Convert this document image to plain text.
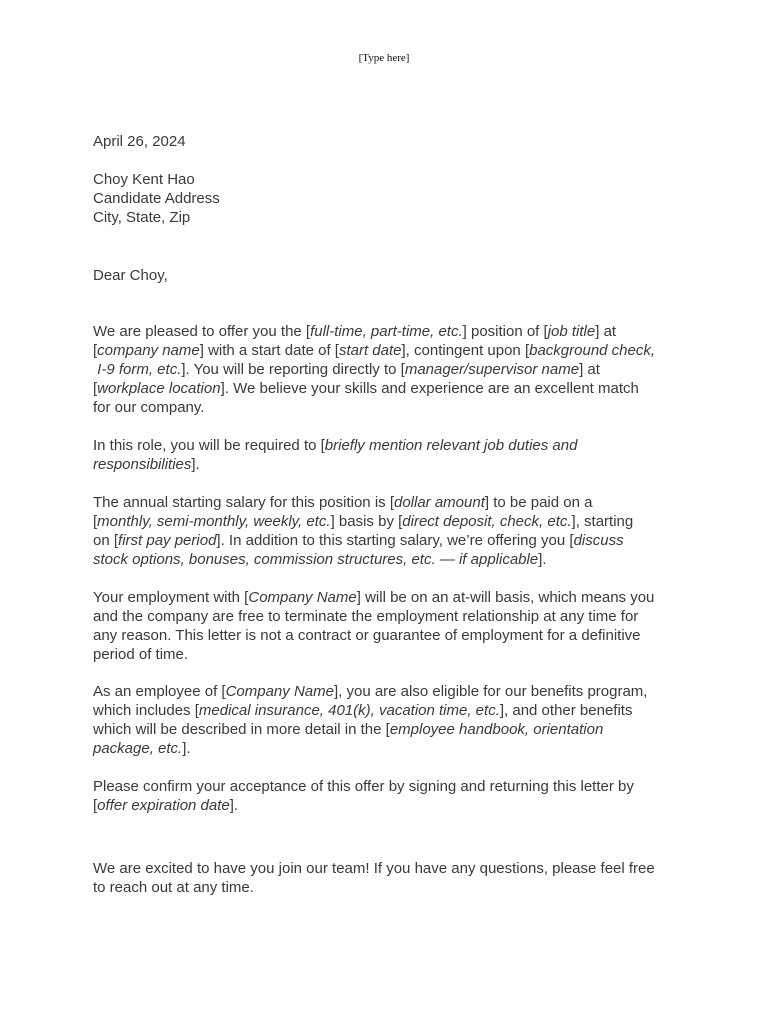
[Type here]
April 26, 2024
Choy Kent Hao
Candidate Address
City, State, Zip
Dear Choy,
We are pleased to offer you the [full-time, part-time, etc.] position of [job title] at
[company name] with a start date of [start date], contingent upon [background check,
I-9 form, etc.]. You will be reporting directly to [manager/supervisor name] at
[workplace location]. We believe your skills and experience are an excellent match
for our company.
In this role, you will be required to [briefly mention relevant job duties and
responsibilities].
The annual starting salary for this position is [dollar amount] to be paid on a
[monthly, semi-monthly, weekly, etc.] basis by [direct deposit, check, etc.], starting
on [first pay period]. In addition to this starting salary, we’re offering you [discuss
stock options, bonuses, commission structures, etc. — if applicable].
Your employment with [Company Name] will be on an at-will basis, which means you
and the company are free to terminate the employment relationship at any time for
any reason. This letter is not a contract or guarantee of employment for a definitive
period of time.
As an employee of [Company Name], you are also eligible for our benefits program,
which includes [medical insurance, 401(k), vacation time, etc.], and other benefits
which will be described in more detail in the [employee handbook, orientation
package, etc.].
Please confirm your acceptance of this offer by signing and returning this letter by
[offer expiration date].
We are excited to have you join our team! If you have any questions, please feel free
to reach out at any time.
